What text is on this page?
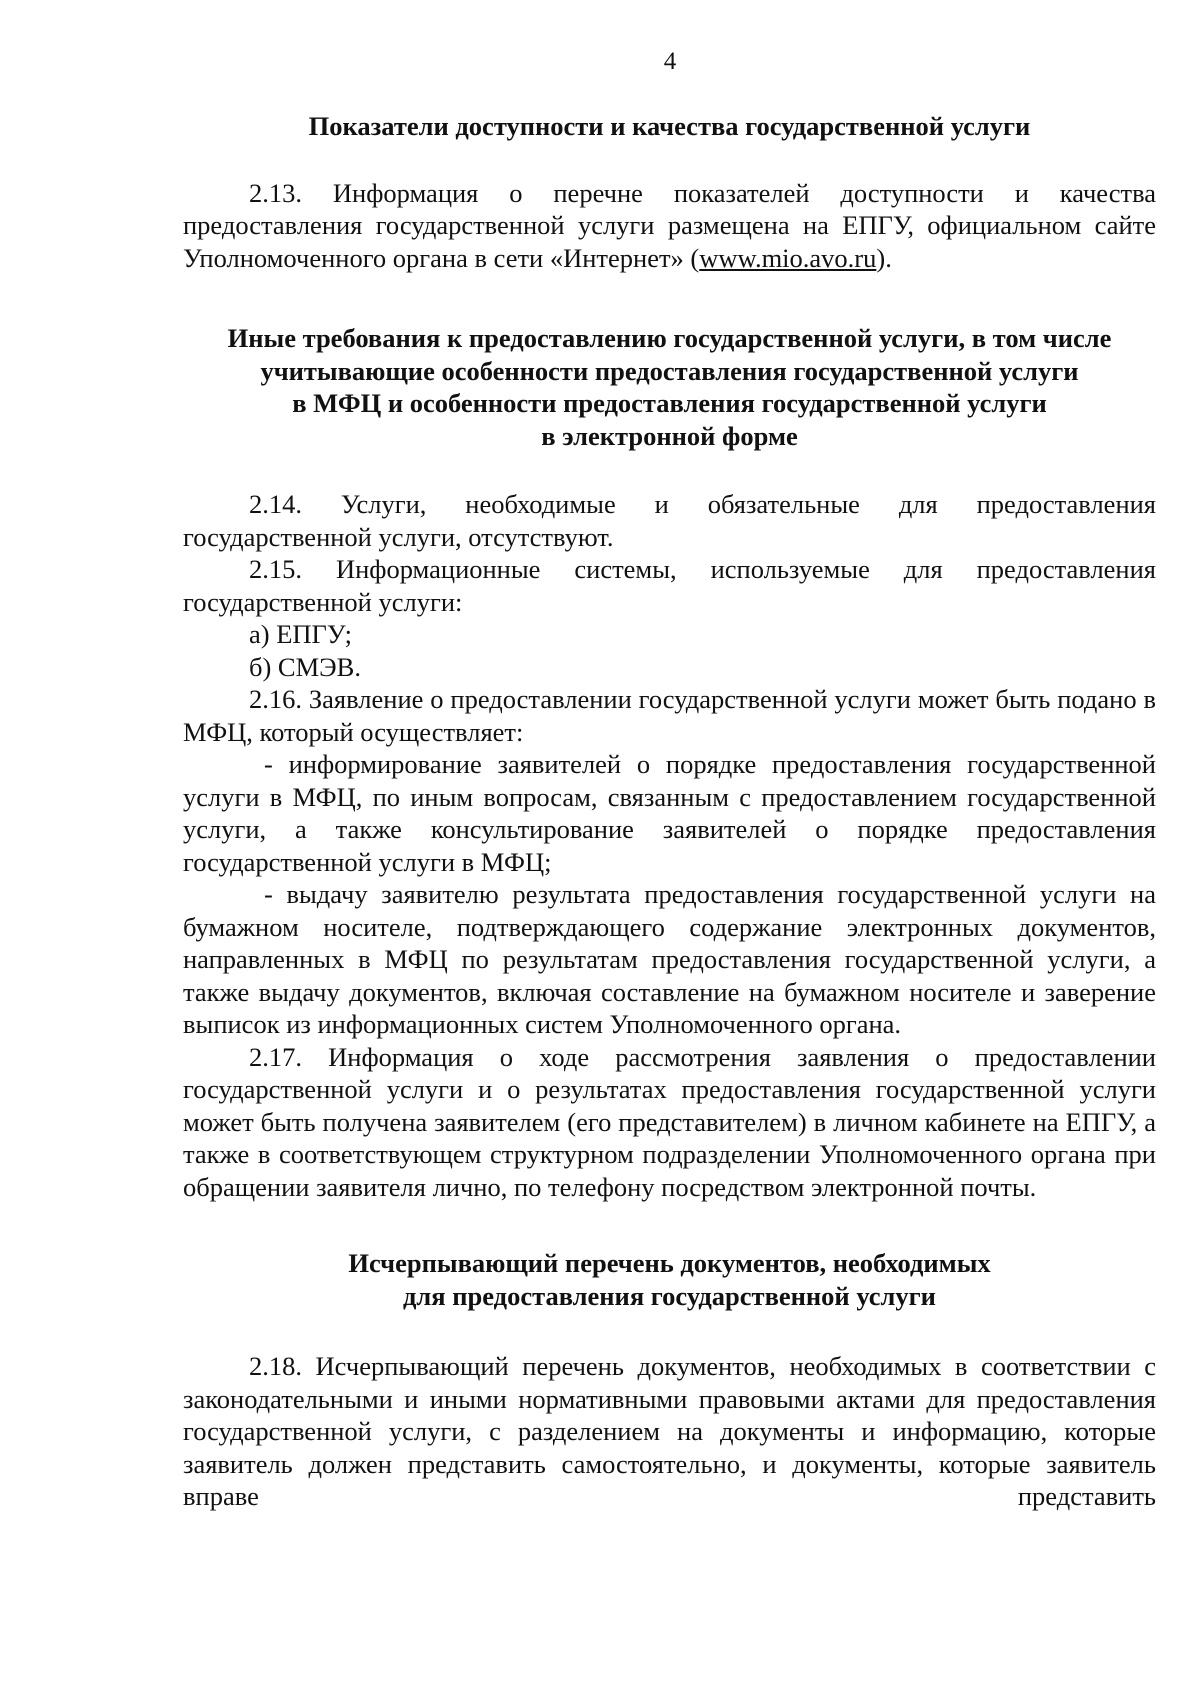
4
Показатели доступности и качества государственной услуги

2.13. Информация о перечне показателей доступности и качества предоставления государственной услуги размещена на ЕПГУ, официальном сайте Уполномоченного органа в сети «Интернет» (www.mio.avo.ru).

Иные требования к предоставлению государственной услуги, в том числе
учитывающие особенности предоставления государственной услуги
в МФЦ и особенности предоставления государственной услуги
в электронной форме

2.14. Услуги, необходимые и обязательные для предоставления государственной услуги, отсутствуют.

2.15. Информационные системы, используемые для предоставления государственной услуги:

а) ЕПГУ;

б) СМЭВ.

2.16. Заявление о предоставлении государственной услуги может быть подано в МФЦ, который осуществляет:

- информирование заявителей о порядке предоставления государственной услуги в МФЦ, по иным вопросам, связанным с предоставлением государственной услуги, а также консультирование заявителей о порядке предоставления государственной услуги в МФЦ;

- выдачу заявителю результата предоставления государственной услуги на бумажном носителе, подтверждающего содержание электронных документов, направленных в МФЦ по результатам предоставления государственной услуги, а также выдачу документов, включая составление на бумажном носителе и заверение выписок из информационных систем Уполномоченного органа.

2.17. Информация о ходе рассмотрения заявления о предоставлении государственной услуги и о результатах предоставления государственной услуги может быть получена заявителем (его представителем) в личном кабинете на ЕПГУ, а также в соответствующем структурном подразделении Уполномоченного органа при обращении заявителя лично, по телефону посредством электронной почты.

Исчерпывающий перечень документов, необходимых
для предоставления государственной услуги

2.18. Исчерпывающий перечень документов, необходимых в соответствии с законодательными и иными нормативными правовыми актами для предоставления государственной услуги, с разделением на документы и информацию, которые заявитель должен представить самостоятельно, и документы, которые заявитель вправе представить
